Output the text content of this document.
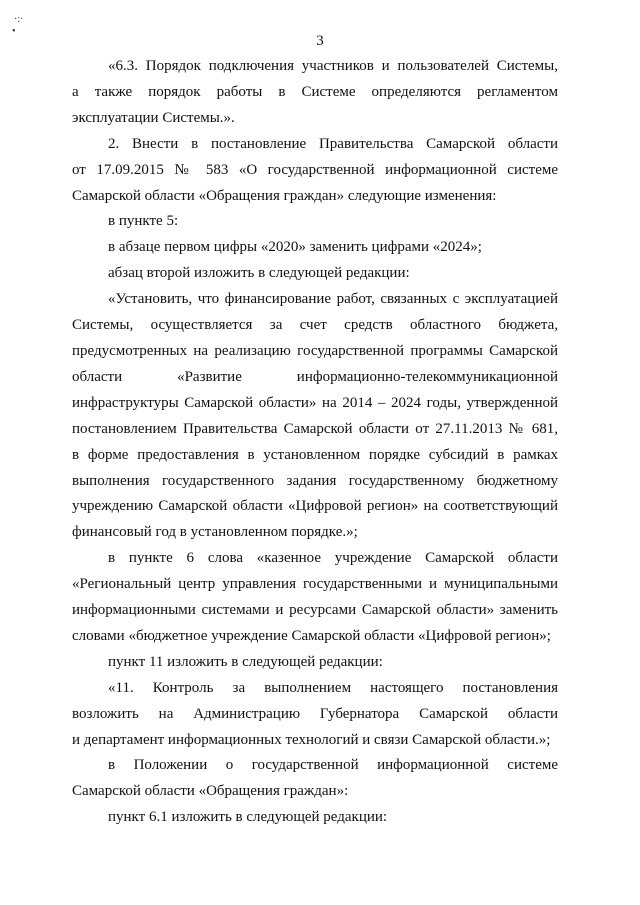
·:·
•
3

«6.3. Порядок подключения участников и пользователей Системы,

а также порядок работы в Системе определяются регламентом

эксплуатации Системы.».

2. Внести в постановление Правительства Самарской области

от 17.09.2015 № 583 «О государственной информационной системе

Самарской области «Обращения граждан» следующие изменения:

в пункте 5:

в абзаце первом цифры «2020» заменить цифрами «2024»;

абзац второй изложить в следующей редакции:

«Установить, что финансирование работ, связанных с эксплуатацией

Системы, осуществляется за счет средств областного бюджета,

предусмотренных на реализацию государственной программы Самарской

области «Развитие информационно-телекоммуникационной

инфраструктуры Самарской области» на 2014 – 2024 годы, утвержденной

постановлением Правительства Самарской области от 27.11.2013 № 681,

в форме предоставления в установленном порядке субсидий в рамках

выполнения государственного задания государственному бюджетному

учреждению Самарской области «Цифровой регион» на соответствующий

финансовый год в установленном порядке.»;

в пункте 6 слова «казенное учреждение Самарской области

«Региональный центр управления государственными и муниципальными

информационными системами и ресурсами Самарской области» заменить

словами «бюджетное учреждение Самарской области «Цифровой регион»;

пункт 11 изложить в следующей редакции:

«11. Контроль за выполнением настоящего постановления

возложить на Администрацию Губернатора Самарской области

и департамент информационных технологий и связи Самарской области.»;

в Положении о государственной информационной системе

Самарской области «Обращения граждан»:

пункт 6.1 изложить в следующей редакции:
